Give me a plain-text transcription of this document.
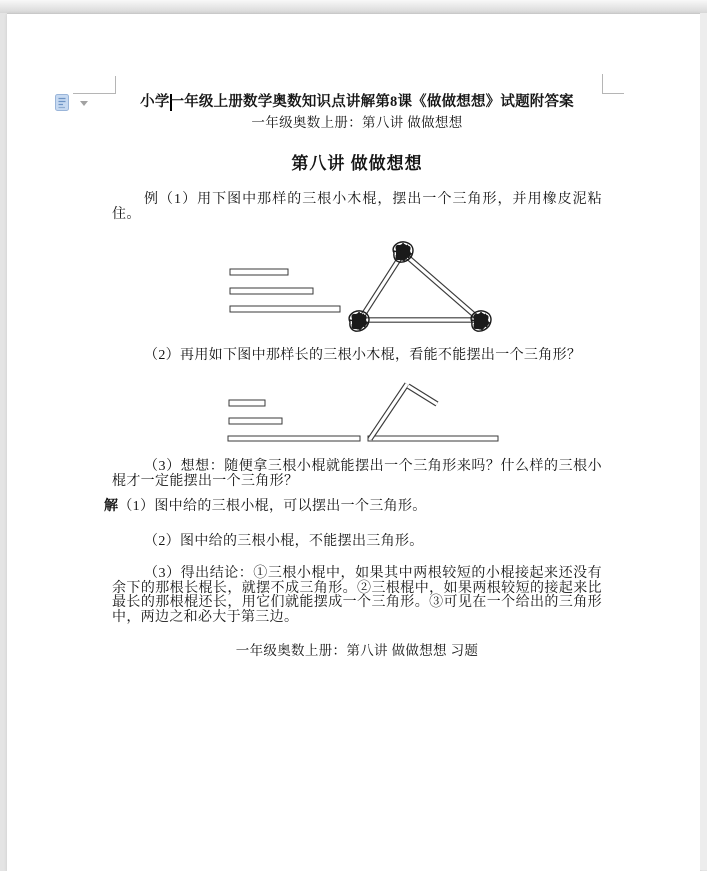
小学一年级上册数学奥数知识点讲解第8课《做做想想》试题附答案
一年级奥数上册：第八讲 做做想想
第八讲 做做想想
例（1）用下图中那样的三根小木棍，摆出一个三角形，并用橡皮泥粘住。
（2）再用如下图中那样长的三根小木棍，看能不能摆出一个三角形？
（3）想想：随便拿三根小棍就能摆出一个三角形来吗？什么样的三根小棍才一定能摆出一个三角形？
解（1）图中给的三根小棍，可以摆出一个三角形。
（2）图中给的三根小棍，不能摆出三角形。
（3）得出结论：①三根小棍中，如果其中两根较短的小棍接起来还没有余下的那根长棍长，就摆不成三角形。②三根棍中，如果两根较短的接起来比最长的那根棍还长，用它们就能摆成一个三角形。③可见在一个给出的三角形中，两边之和必大于第三边。
一年级奥数上册：第八讲 做做想想 习题
